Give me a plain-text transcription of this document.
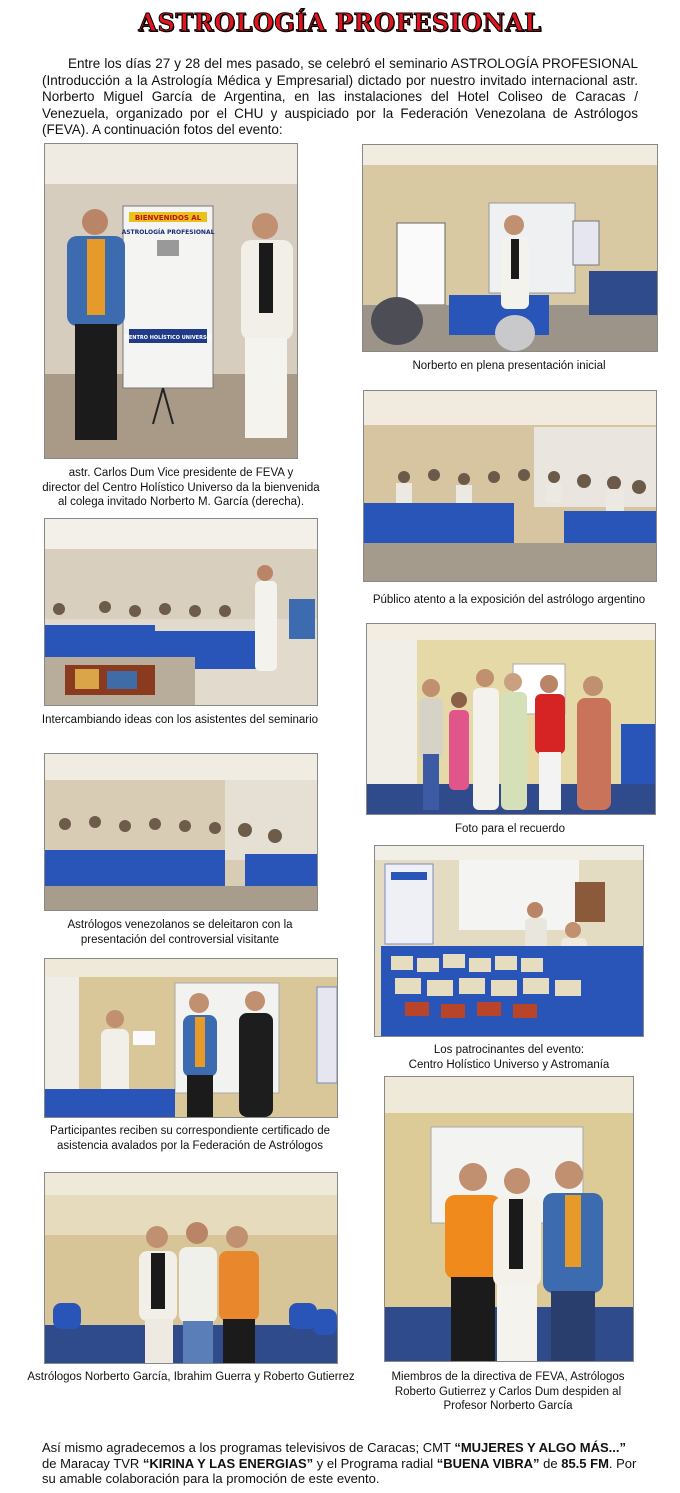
ASTROLOGÍA PROFESIONAL
Entre los días 27 y 28 del mes pasado, se celebró el seminario ASTROLOGÍA PROFESIONAL (Introducción a la Astrología Médica y Empresarial) dictado por nuestro invitado internacional astr. Norberto Miguel García de Argentina, en las instalaciones del Hotel Coliseo de Caracas / Venezuela, organizado por el CHU y auspiciado por la Federación Venezolana de Astrólogos (FEVA). A continuación fotos del evento:
BIENVENIDOS AL
ASTROLOGÍA PROFESIONAL
CENTRO HOLÍSTICO UNIVERSO
astr. Carlos Dum Vice presidente de FEVA y
director del Centro Holístico Universo da la bienvenida
al colega invitado Norberto M. García (derecha).
Norberto en plena presentación inicial
Público atento a la exposición del astrólogo argentino
Intercambiando ideas con los asistentes del seminario
Foto para el recuerdo
Astrólogos venezolanos se deleitaron con la
presentación del controversial visitante
Los patrocinantes del evento:
Centro Holístico Universo y Astromanía
Participantes reciben su correspondiente certificado de
asistencia avalados por la Federación de Astrólogos
Astrólogos Norberto García, Ibrahim Guerra y Roberto Gutierrez	Miembros de la directiva de FEVA, Astrólogos
Roberto Gutierrez y Carlos Dum despiden al
Profesor Norberto García
Así mismo agradecemos a los programas televisivos de Caracas; CMT “MUJERES Y ALGO MÁS...” de Maracay TVR “KIRINA Y LAS ENERGIAS” y el Programa radial “BUENA VIBRA” de 85.5 FM. Por su amable colaboración para la promoción de este evento.
